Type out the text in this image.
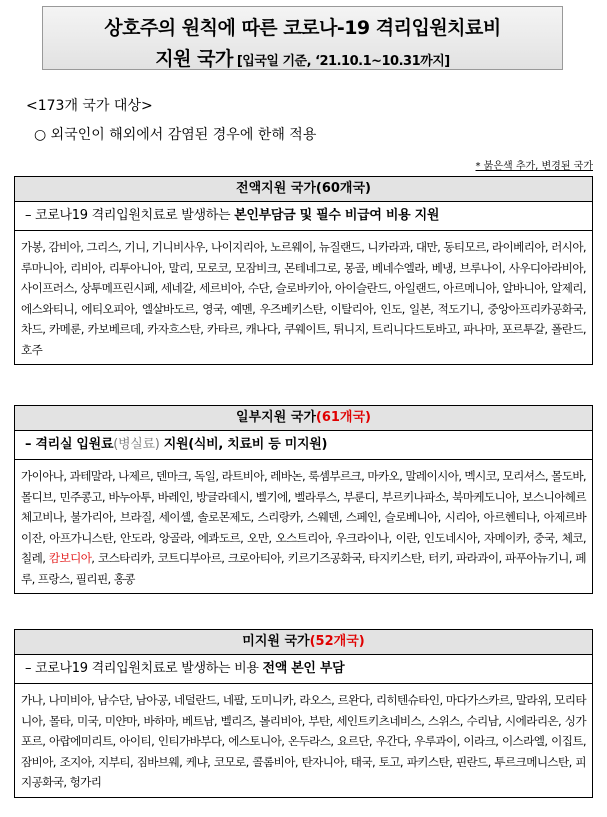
상호주의 원칙에 따른 코로나-19 격리입원치료비
지원 국가 [입국일 기준, ‘21.10.1~10.31까지]
<173개 국가 대상>
○ 외국인이 해외에서 감염된 경우에 한해 적용
* 붉은색 추가, 변경된 국가
전액지원 국가(60개국)
– 코로나19 격리입원치료로 발생하는 본인부담금 및 필수 비급여 비용 지원
가봉, 감비아, 그리스, 기니, 기니비사우, 나이지리아, 노르웨이, 뉴질랜드, 니카라과, 대만, 동티모르, 라이베리아, 러시아, 루마니아, 리비아, 리투아니아, 말리, 모로코, 모잠비크, 몬테네그로, 몽골, 베네수엘라, 베냉, 브루나이, 사우디아라비아, 사이프러스, 상투메프린시페, 세네갈, 세르비아, 수단, 슬로바키아, 아이슬란드, 아일랜드, 아르메니아, 알바니아, 알제리, 에스와티니, 에티오피아, 엘살바도르, 영국, 예멘, 우즈베키스탄, 이탈리아, 인도, 일본, 적도기니, 중앙아프리카공화국, 차드, 카메룬, 카보베르데, 카자흐스탄, 카타르, 캐나다, 쿠웨이트, 튀니지, 트리니다드토바고, 파나마, 포르투갈, 폴란드, 호주
일부지원 국가(61개국)
– 격리실 입원료(병실료) 지원(식비, 치료비 등 미지원)
가이아나, 과테말라, 나제르, 덴마크, 독일, 라트비아, 레바논, 룩셈부르크, 마카오, 말레이시아, 멕시코, 모리셔스, 몰도바, 몰디브, 민주콩고, 바누아투, 바레인, 방글라데시, 벨기에, 벨라루스, 부룬디, 부르키나파소, 북마케도니아, 보스니아헤르체고비나, 불가리아, 브라질, 세이셸, 솔로몬제도, 스리랑카, 스웨덴, 스페인, 슬로베니아, 시리아, 아르헨티나, 아제르바이잔, 아프가니스탄, 안도라, 앙골라, 에콰도르, 오만, 오스트리아, 우크라이나, 이란, 인도네시아, 자메이카, 중국, 체코, 칠레, 캄보디아, 코스타리카, 코트디부아르, 크로아티아, 키르기즈공화국, 타지키스탄, 터키, 파라과이, 파푸아뉴기니, 페루, 프랑스, 필리핀, 홍콩
미지원 국가(52개국)
– 코로나19 격리입원치료로 발생하는 비용 전액 본인 부담
가나, 나미비아, 남수단, 남아공, 네덜란드, 네팔, 도미니카, 라오스, 르완다, 리히텐슈타인, 마다가스카르, 말라위, 모리타니아, 몰타, 미국, 미얀마, 바하마, 베트남, 벨리즈, 볼리비아, 부탄, 세인트키츠네비스, 스위스, 수리남, 시에라리온, 싱가포르, 아랍에미리트, 아이티, 인티가바부다, 에스토니아, 온두라스, 요르단, 우간다, 우루과이, 이라크, 이스라엘, 이집트, 잠비아, 조지아, 지부티, 짐바브웨, 케냐, 코모로, 콜롬비아, 탄자니아, 태국, 토고, 파키스탄, 핀란드, 투르크메니스탄, 피지공화국, 헝가리
